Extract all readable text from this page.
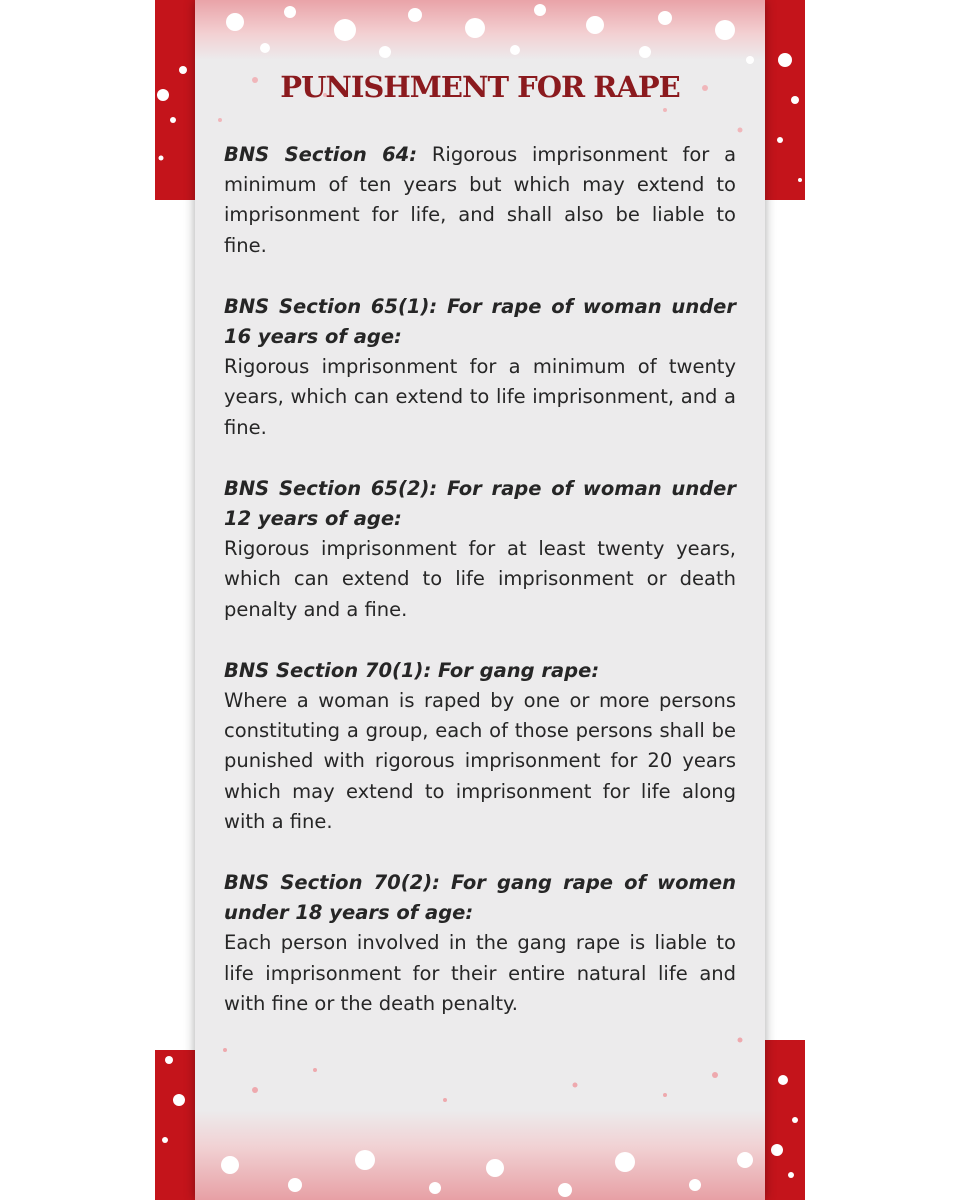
PUNISHMENT FOR RAPE

BNS Section 64: Rigorous imprisonment for a minimum of ten years but which may extend to imprisonment for life, and shall also be liable to fine.

BNS Section 65(1): For rape of woman under 16 years of age:
Rigorous imprisonment for a minimum of twenty years, which can extend to life imprisonment, and a fine.
BNS Section 65(2): For rape of woman under 12 years of age:
Rigorous imprisonment for at least twenty years, which can extend to life imprisonment or death penalty and a fine.
BNS Section 70(1): For gang rape:
Where a woman is raped by one or more persons constituting a group, each of those persons shall be punished with rigorous imprisonment for 20 years which may extend to imprisonment for life along with a fine.
BNS Section 70(2): For gang rape of women under 18 years of age:
Each person involved in the gang rape is liable to life imprisonment for their entire natural life and with fine or the death penalty.
